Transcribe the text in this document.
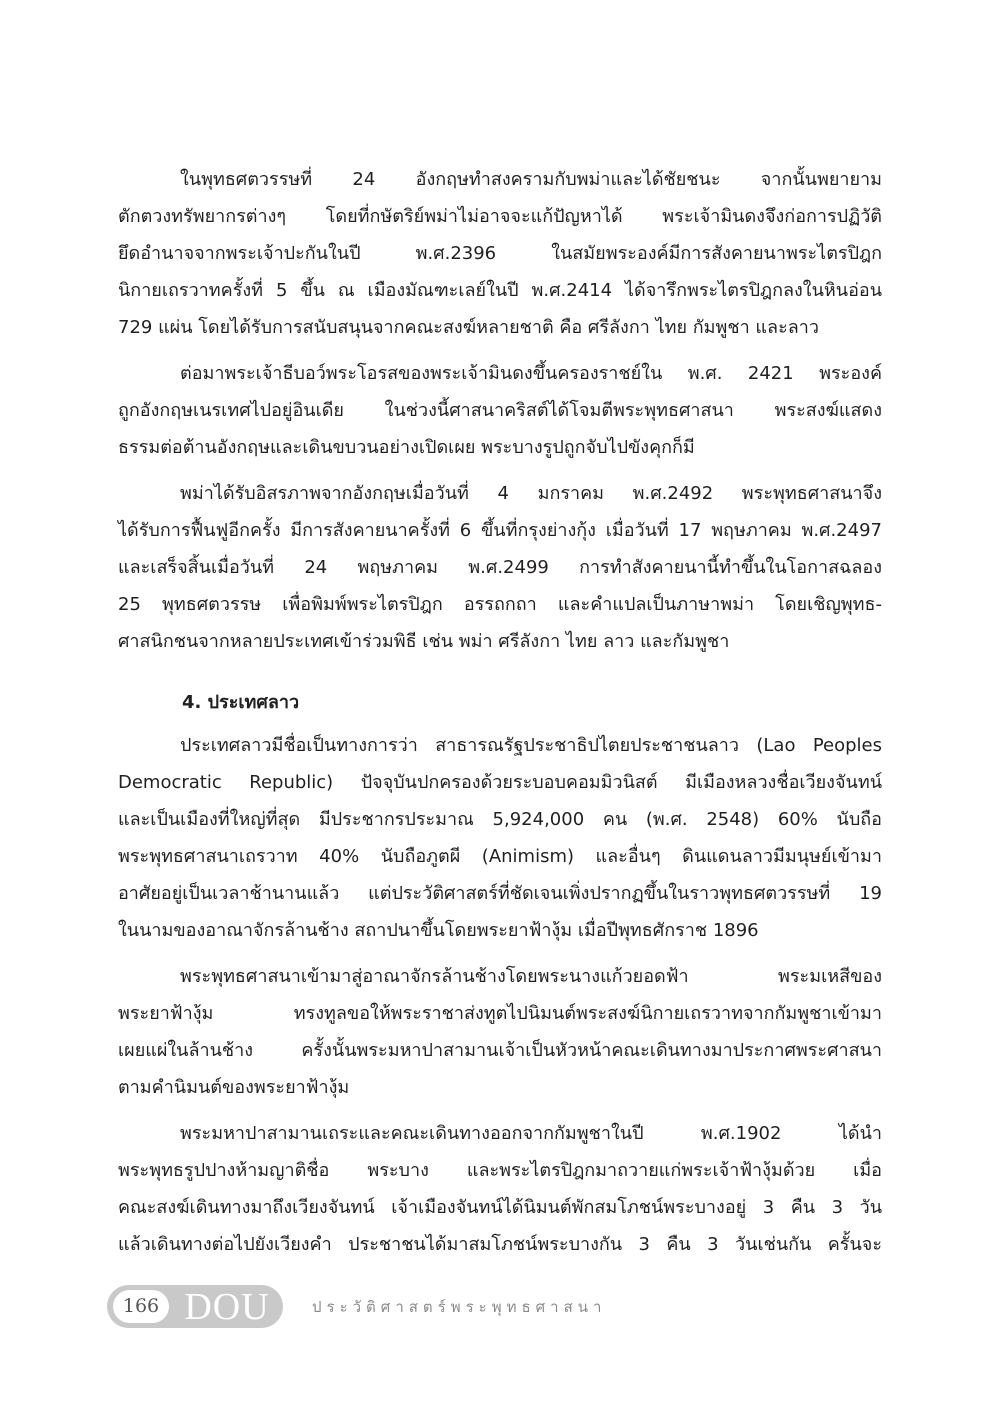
ในพุทธศตวรรษที่ 24 อังกฤษทำสงครามกับพม่าและได้ชัยชนะ จากนั้นพยายาม
ตักตวงทรัพยากรต่างๆ โดยที่กษัตริย์พม่าไม่อาจจะแก้ปัญหาได้ พระเจ้ามินดงจึงก่อการปฏิวัติ
ยึดอำนาจจากพระเจ้าปะกันในปี พ.ศ.2396 ในสมัยพระองค์มีการสังคายนาพระไตรปิฎก
นิกายเถรวาทครั้งที่ 5 ขึ้น ณ เมืองมัณฑะเลย์ในปี พ.ศ.2414 ได้จารึกพระไตรปิฎกลงในหินอ่อน
729 แผ่น โดยได้รับการสนับสนุนจากคณะสงฆ์หลายชาติ คือ ศรีลังกา ไทย กัมพูชา และลาว
ต่อมาพระเจ้าธีบอว์พระโอรสของพระเจ้ามินดงขึ้นครองราชย์ใน พ.ศ. 2421 พระองค์
ถูกอังกฤษเนรเทศไปอยู่อินเดีย ในช่วงนี้ศาสนาคริสต์ได้โจมตีพระพุทธศาสนา พระสงฆ์แสดง
ธรรมต่อต้านอังกฤษและเดินขบวนอย่างเปิดเผย พระบางรูปถูกจับไปขังคุกก็มี
พม่าได้รับอิสรภาพจากอังกฤษเมื่อวันที่ 4 มกราคม พ.ศ.2492 พระพุทธศาสนาจึง
ได้รับการฟื้นฟูอีกครั้ง มีการสังคายนาครั้งที่ 6 ขึ้นที่กรุงย่างกุ้ง เมื่อวันที่ 17 พฤษภาคม พ.ศ.2497
และเสร็จสิ้นเมื่อวันที่ 24 พฤษภาคม พ.ศ.2499 การทำสังคายนานี้ทำขึ้นในโอกาสฉลอง
25 พุทธศตวรรษ เพื่อพิมพ์พระไตรปิฎก อรรถกถา และคำแปลเป็นภาษาพม่า โดยเชิญพุทธ-
ศาสนิกชนจากหลายประเทศเข้าร่วมพิธี เช่น พม่า ศรีลังกา ไทย ลาว และกัมพูชา
4. ประเทศลาว
ประเทศลาวมีชื่อเป็นทางการว่า สาธารณรัฐประชาธิปไตยประชาชนลาว (Lao Peoples
Democratic Republic) ปัจจุบันปกครองด้วยระบอบคอมมิวนิสต์ มีเมืองหลวงชื่อเวียงจันทน์
และเป็นเมืองที่ใหญ่ที่สุด มีประชากรประมาณ 5,924,000 คน (พ.ศ. 2548) 60% นับถือ
พระพุทธศาสนาเถรวาท 40% นับถือภูตผี (Animism) และอื่นๆ ดินแดนลาวมีมนุษย์เข้ามา
อาศัยอยู่เป็นเวลาช้านานแล้ว แต่ประวัติศาสตร์ที่ชัดเจนเพิ่งปรากฏขึ้นในราวพุทธศตวรรษที่ 19
ในนามของอาณาจักรล้านช้าง สถาปนาขึ้นโดยพระยาฟ้างุ้ม เมื่อปีพุทธศักราช 1896
พระพุทธศาสนาเข้ามาสู่อาณาจักรล้านช้างโดยพระนางแก้วยอดฟ้า พระมเหสีของ
พระยาฟ้างุ้ม ทรงทูลขอให้พระราชาส่งทูตไปนิมนต์พระสงฆ์นิกายเถรวาทจากกัมพูชาเข้ามา
เผยแผ่ในล้านช้าง ครั้งนั้นพระมหาปาสามานเจ้าเป็นหัวหน้าคณะเดินทางมาประกาศพระศาสนา
ตามคำนิมนต์ของพระยาฟ้างุ้ม
พระมหาปาสามานเถระและคณะเดินทางออกจากกัมพูชาในปี พ.ศ.1902 ได้นำ
พระพุทธรูปปางห้ามญาติชื่อ พระบาง และพระไตรปิฎกมาถวายแก่พระเจ้าฟ้างุ้มด้วย เมื่อ
คณะสงฆ์เดินทางมาถึงเวียงจันทน์ เจ้าเมืองจันทน์ได้นิมนต์พักสมโภชน์พระบางอยู่ 3 คืน 3 วัน
แล้วเดินทางต่อไปยังเวียงคำ ประชาชนได้มาสมโภชน์พระบางกัน 3 คืน 3 วันเช่นกัน ครั้นจะ
166 DOU	ประวัติศาสตร์พระพุทธศาสนา
